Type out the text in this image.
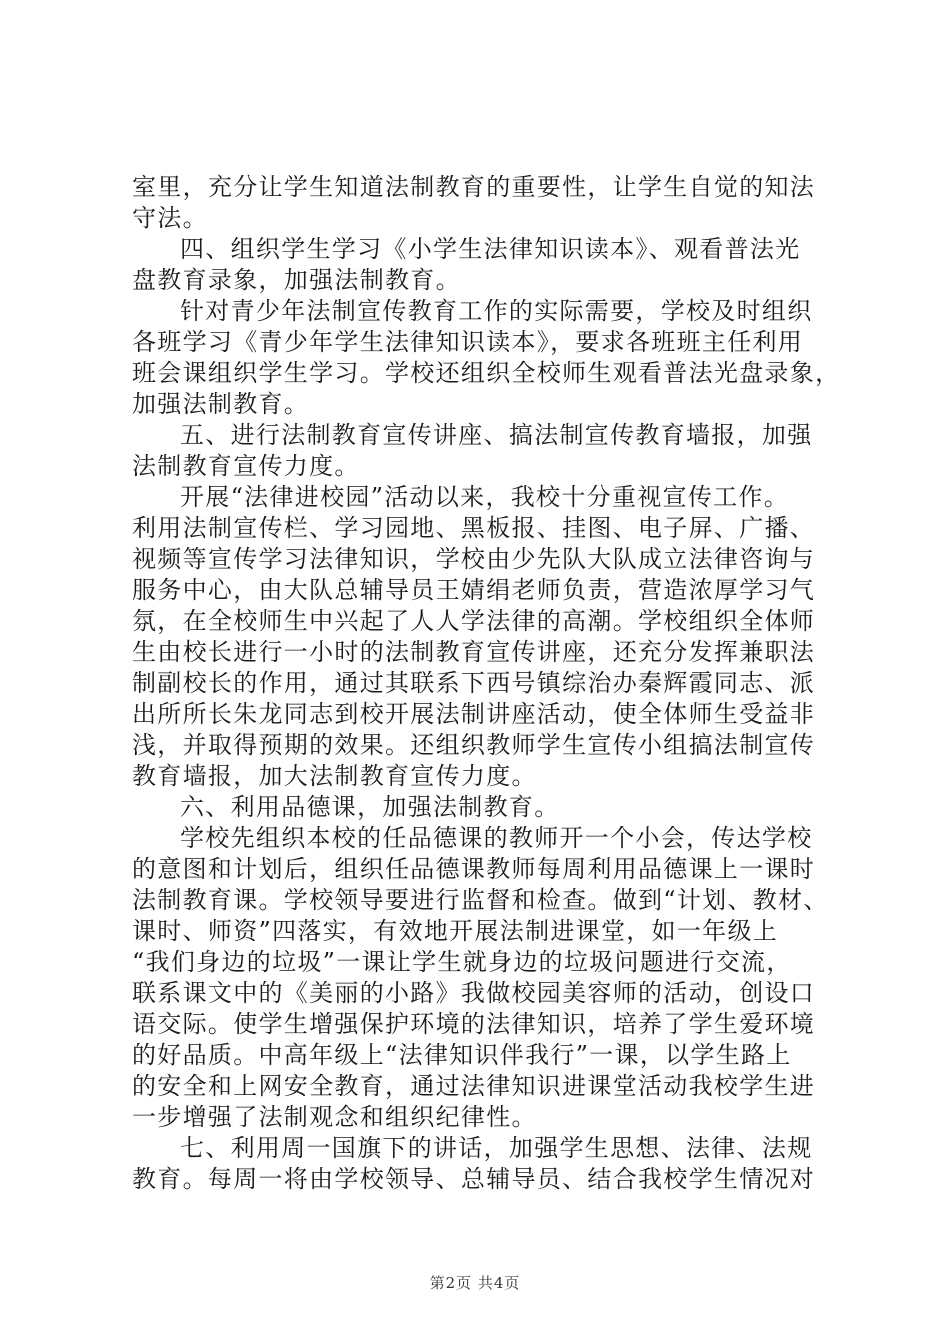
室里，充分让学生知道法制教育的重要性，让学生自觉的知法
守法。
四、组织学生学习《小学生法律知识读本》、观看普法光
盘教育录象，加强法制教育。
针对青少年法制宣传教育工作的实际需要，学校及时组织
各班学习《青少年学生法律知识读本》，要求各班班主任利用
班会课组织学生学习。学校还组织全校师生观看普法光盘录象，
加强法制教育。
五、进行法制教育宣传讲座、搞法制宣传教育墙报，加强
法制教育宣传力度。
开展“法律进校园”活动以来，我校十分重视宣传工作。
利用法制宣传栏、学习园地、黑板报、挂图、电子屏、广播、
视频等宣传学习法律知识，学校由少先队大队成立法律咨询与
服务中心，由大队总辅导员王婧绢老师负责，营造浓厚学习气
氛，在全校师生中兴起了人人学法律的高潮。学校组织全体师
生由校长进行一小时的法制教育宣传讲座，还充分发挥兼职法
制副校长的作用，通过其联系下西号镇综治办秦辉霞同志、派
出所所长朱龙同志到校开展法制讲座活动，使全体师生受益非
浅，并取得预期的效果。还组织教师学生宣传小组搞法制宣传
教育墙报，加大法制教育宣传力度。
六、利用品德课，加强法制教育。
学校先组织本校的任品德课的教师开一个小会，传达学校
的意图和计划后，组织任品德课教师每周利用品德课上一课时
法制教育课。学校领导要进行监督和检查。做到“计划、教材、
课时、师资”四落实，有效地开展法制进课堂，如一年级上
“我们身边的垃圾”一课让学生就身边的垃圾问题进行交流，
联系课文中的《美丽的小路》我做校园美容师的活动，创设口
语交际。使学生增强保护环境的法律知识，培养了学生爱环境
的好品质。中高年级上“法律知识伴我行”一课，以学生路上
的安全和上网安全教育，通过法律知识进课堂活动我校学生进
一步增强了法制观念和组织纪律性。
七、利用周一国旗下的讲话，加强学生思想、法律、法规
教育。每周一将由学校领导、总辅导员、结合我校学生情况对
第2页 共4页
